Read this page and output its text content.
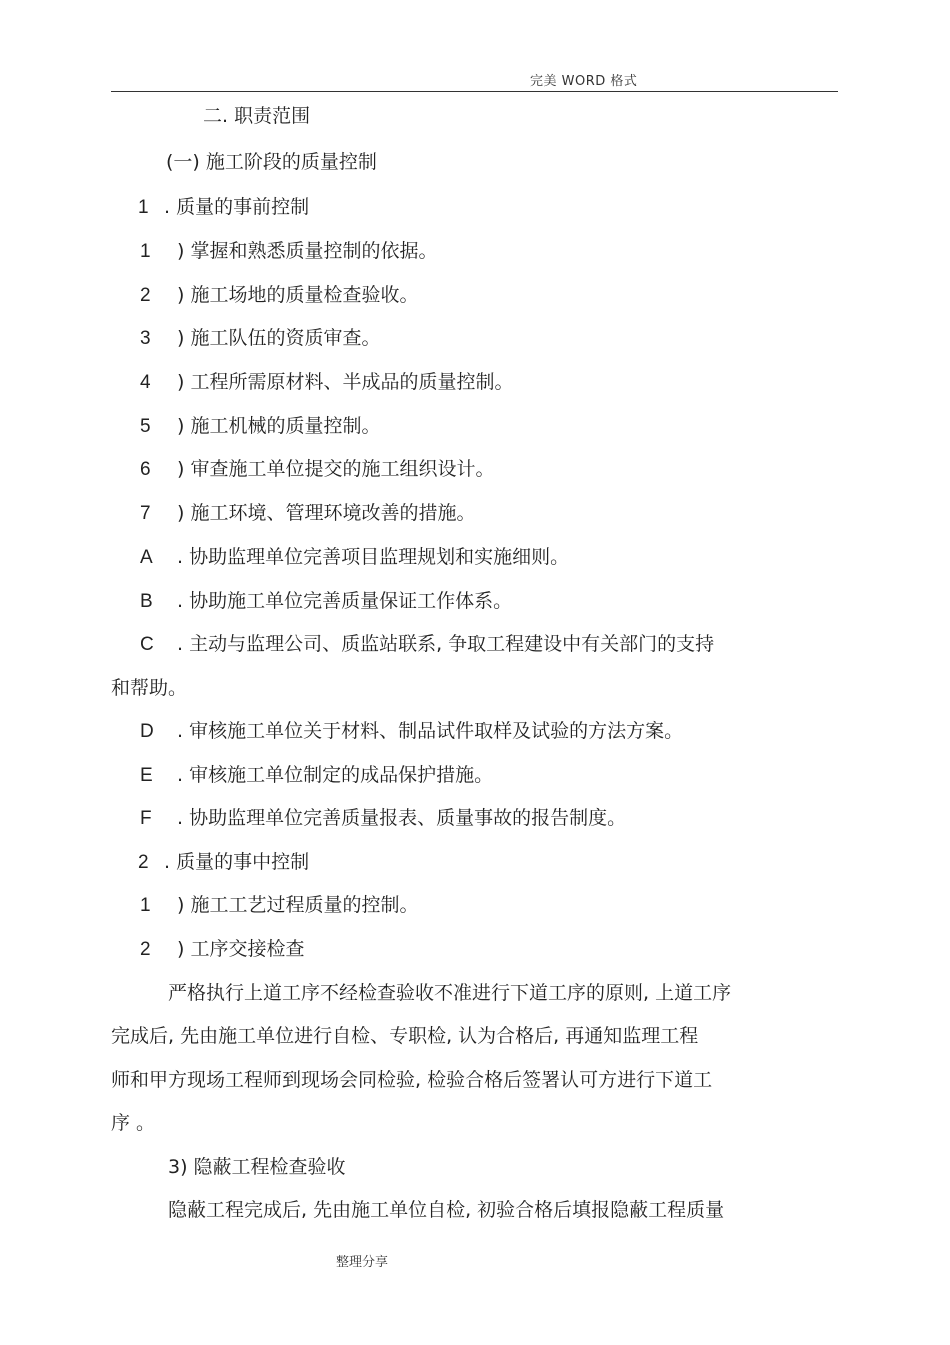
完美 WORD 格式
二. 职责范围
(一) 施工阶段的质量控制
1 . 质量的事前控制
1 ) 掌握和熟悉质量控制的依据。
2 ) 施工场地的质量检查验收。
3 ) 施工队伍的资质审查。
4 ) 工程所需原材料、半成品的质量控制。
5 ) 施工机械的质量控制。
6 ) 审查施工单位提交的施工组织设计。
7 ) 施工环境、管理环境改善的措施。
A . 协助监理单位完善项目监理规划和实施细则。
B . 协助施工单位完善质量保证工作体系。
C . 主动与监理公司、质监站联系, 争取工程建设中有关部门的支持
和帮助。
D . 审核施工单位关于材料、制品试件取样及试验的方法方案。
E . 审核施工单位制定的成品保护措施。
F . 协助监理单位完善质量报表、质量事故的报告制度。
2 . 质量的事中控制
1 ) 施工工艺过程质量的控制。
2 ) 工序交接检查
严格执行上道工序不经检查验收不准进行下道工序的原则, 上道工序
完成后, 先由施工单位进行自检、专职检, 认为合格后, 再通知监理工程
师和甲方现场工程师到现场会同检验, 检验合格后签署认可方进行下道工
序 。
3) 隐蔽工程检查验收
隐蔽工程完成后, 先由施工单位自检, 初验合格后填报隐蔽工程质量
整理分享
